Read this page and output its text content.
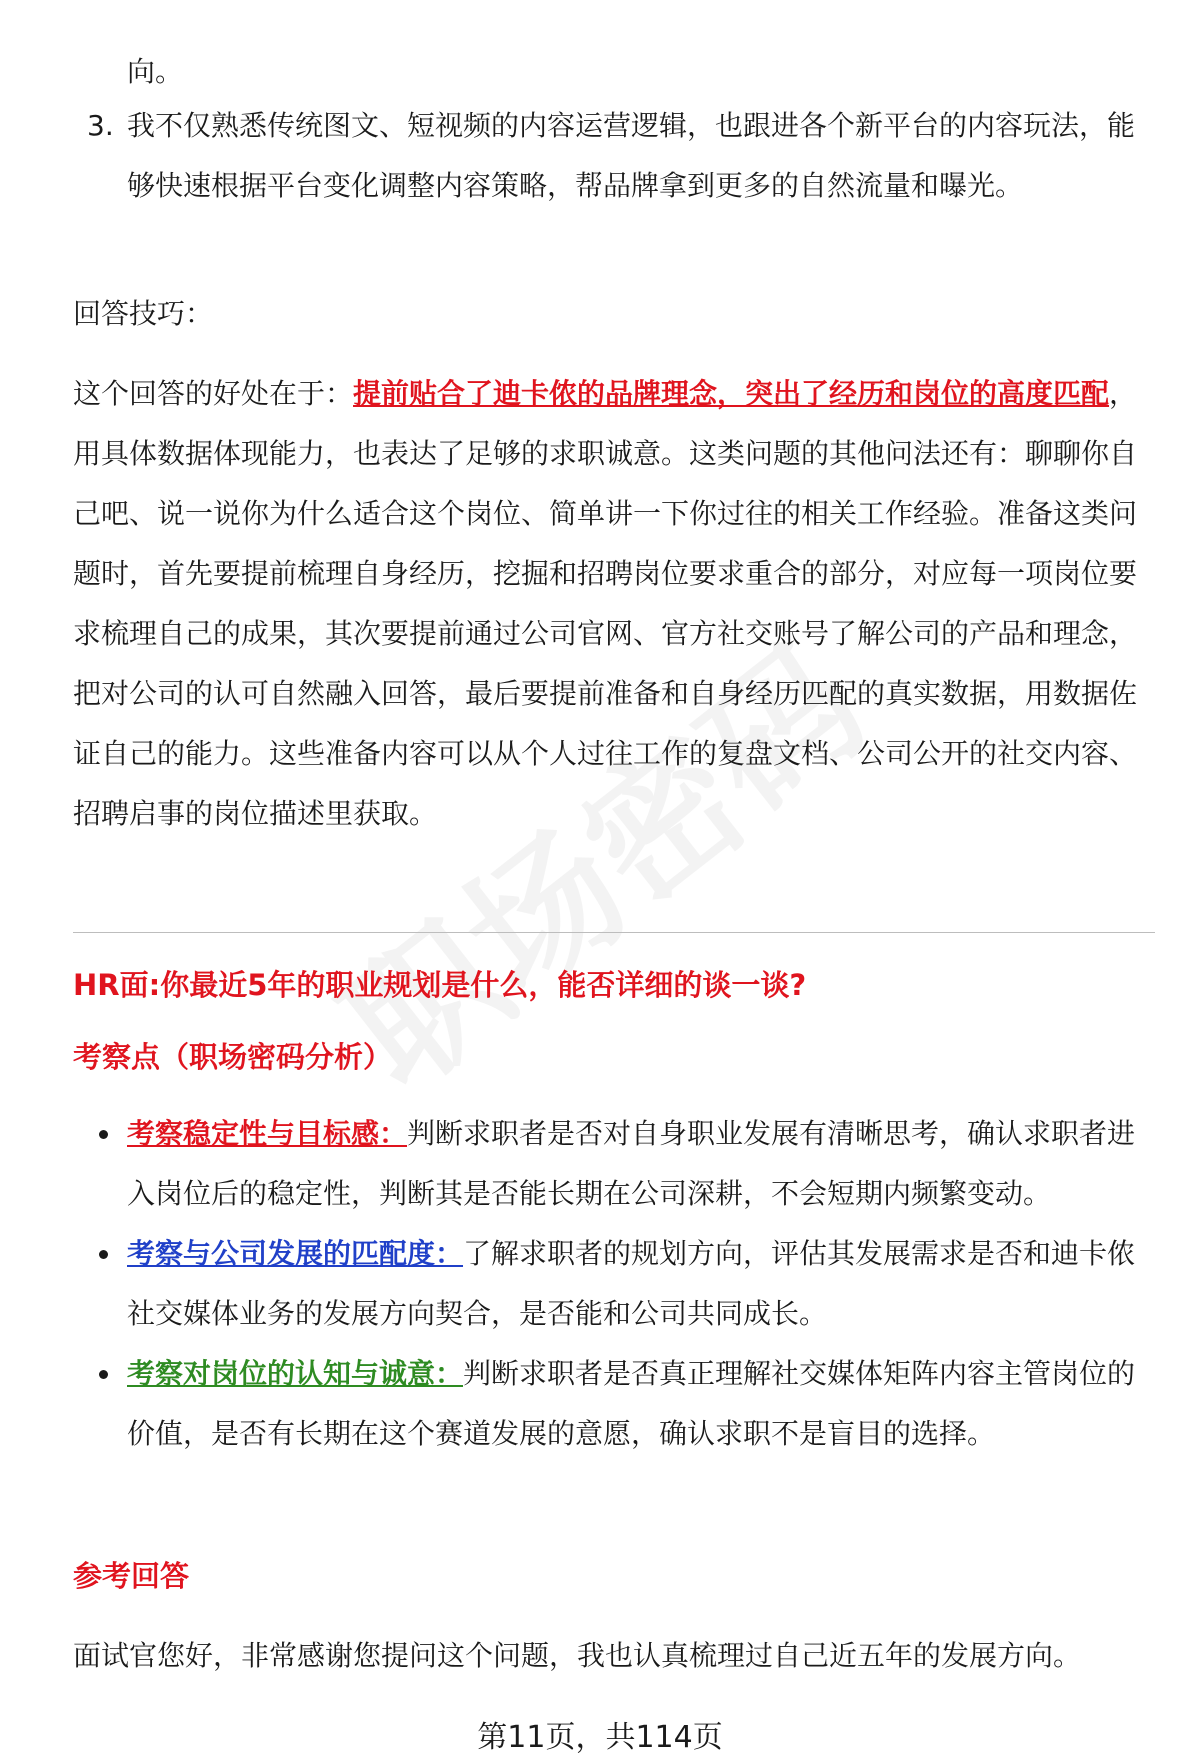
向。
3. 我不仅熟悉传统图文、短视频的内容运营逻辑，也跟进各个新平台的内容玩法，能够快速根据平台变化调整内容策略，帮品牌拿到更多的自然流量和曝光。
回答技巧：
这个回答的好处在于：提前贴合了迪卡侬的品牌理念，突出了经历和岗位的高度匹配，用具体数据体现能力，也表达了足够的求职诚意。这类问题的其他问法还有：聊聊你自己吧、说一说你为什么适合这个岗位、简单讲一下你过往的相关工作经验。准备这类问题时，首先要提前梳理自身经历，挖掘和招聘岗位要求重合的部分，对应每一项岗位要求梳理自己的成果，其次要提前通过公司官网、官方社交账号了解公司的产品和理念，把对公司的认可自然融入回答，最后要提前准备和自身经历匹配的真实数据，用数据佐证自己的能力。这些准备内容可以从个人过往工作的复盘文档、公司公开的社交内容、招聘启事的岗位描述里获取。
HR面:你最近5年的职业规划是什么，能否详细的谈一谈?
考察点（职场密码分析）
考察稳定性与目标感：判断求职者是否对自身职业发展有清晰思考，确认求职者进入岗位后的稳定性，判断其是否能长期在公司深耕，不会短期内频繁变动。
考察与公司发展的匹配度：了解求职者的规划方向，评估其发展需求是否和迪卡侬社交媒体业务的发展方向契合，是否能和公司共同成长。
考察对岗位的认知与诚意：判断求职者是否真正理解社交媒体矩阵内容主管岗位的价值，是否有长期在这个赛道发展的意愿，确认求职不是盲目的选择。
参考回答
面试官您好，非常感谢您提问这个问题，我也认真梳理过自己近五年的发展方向。
第11页，共114页
